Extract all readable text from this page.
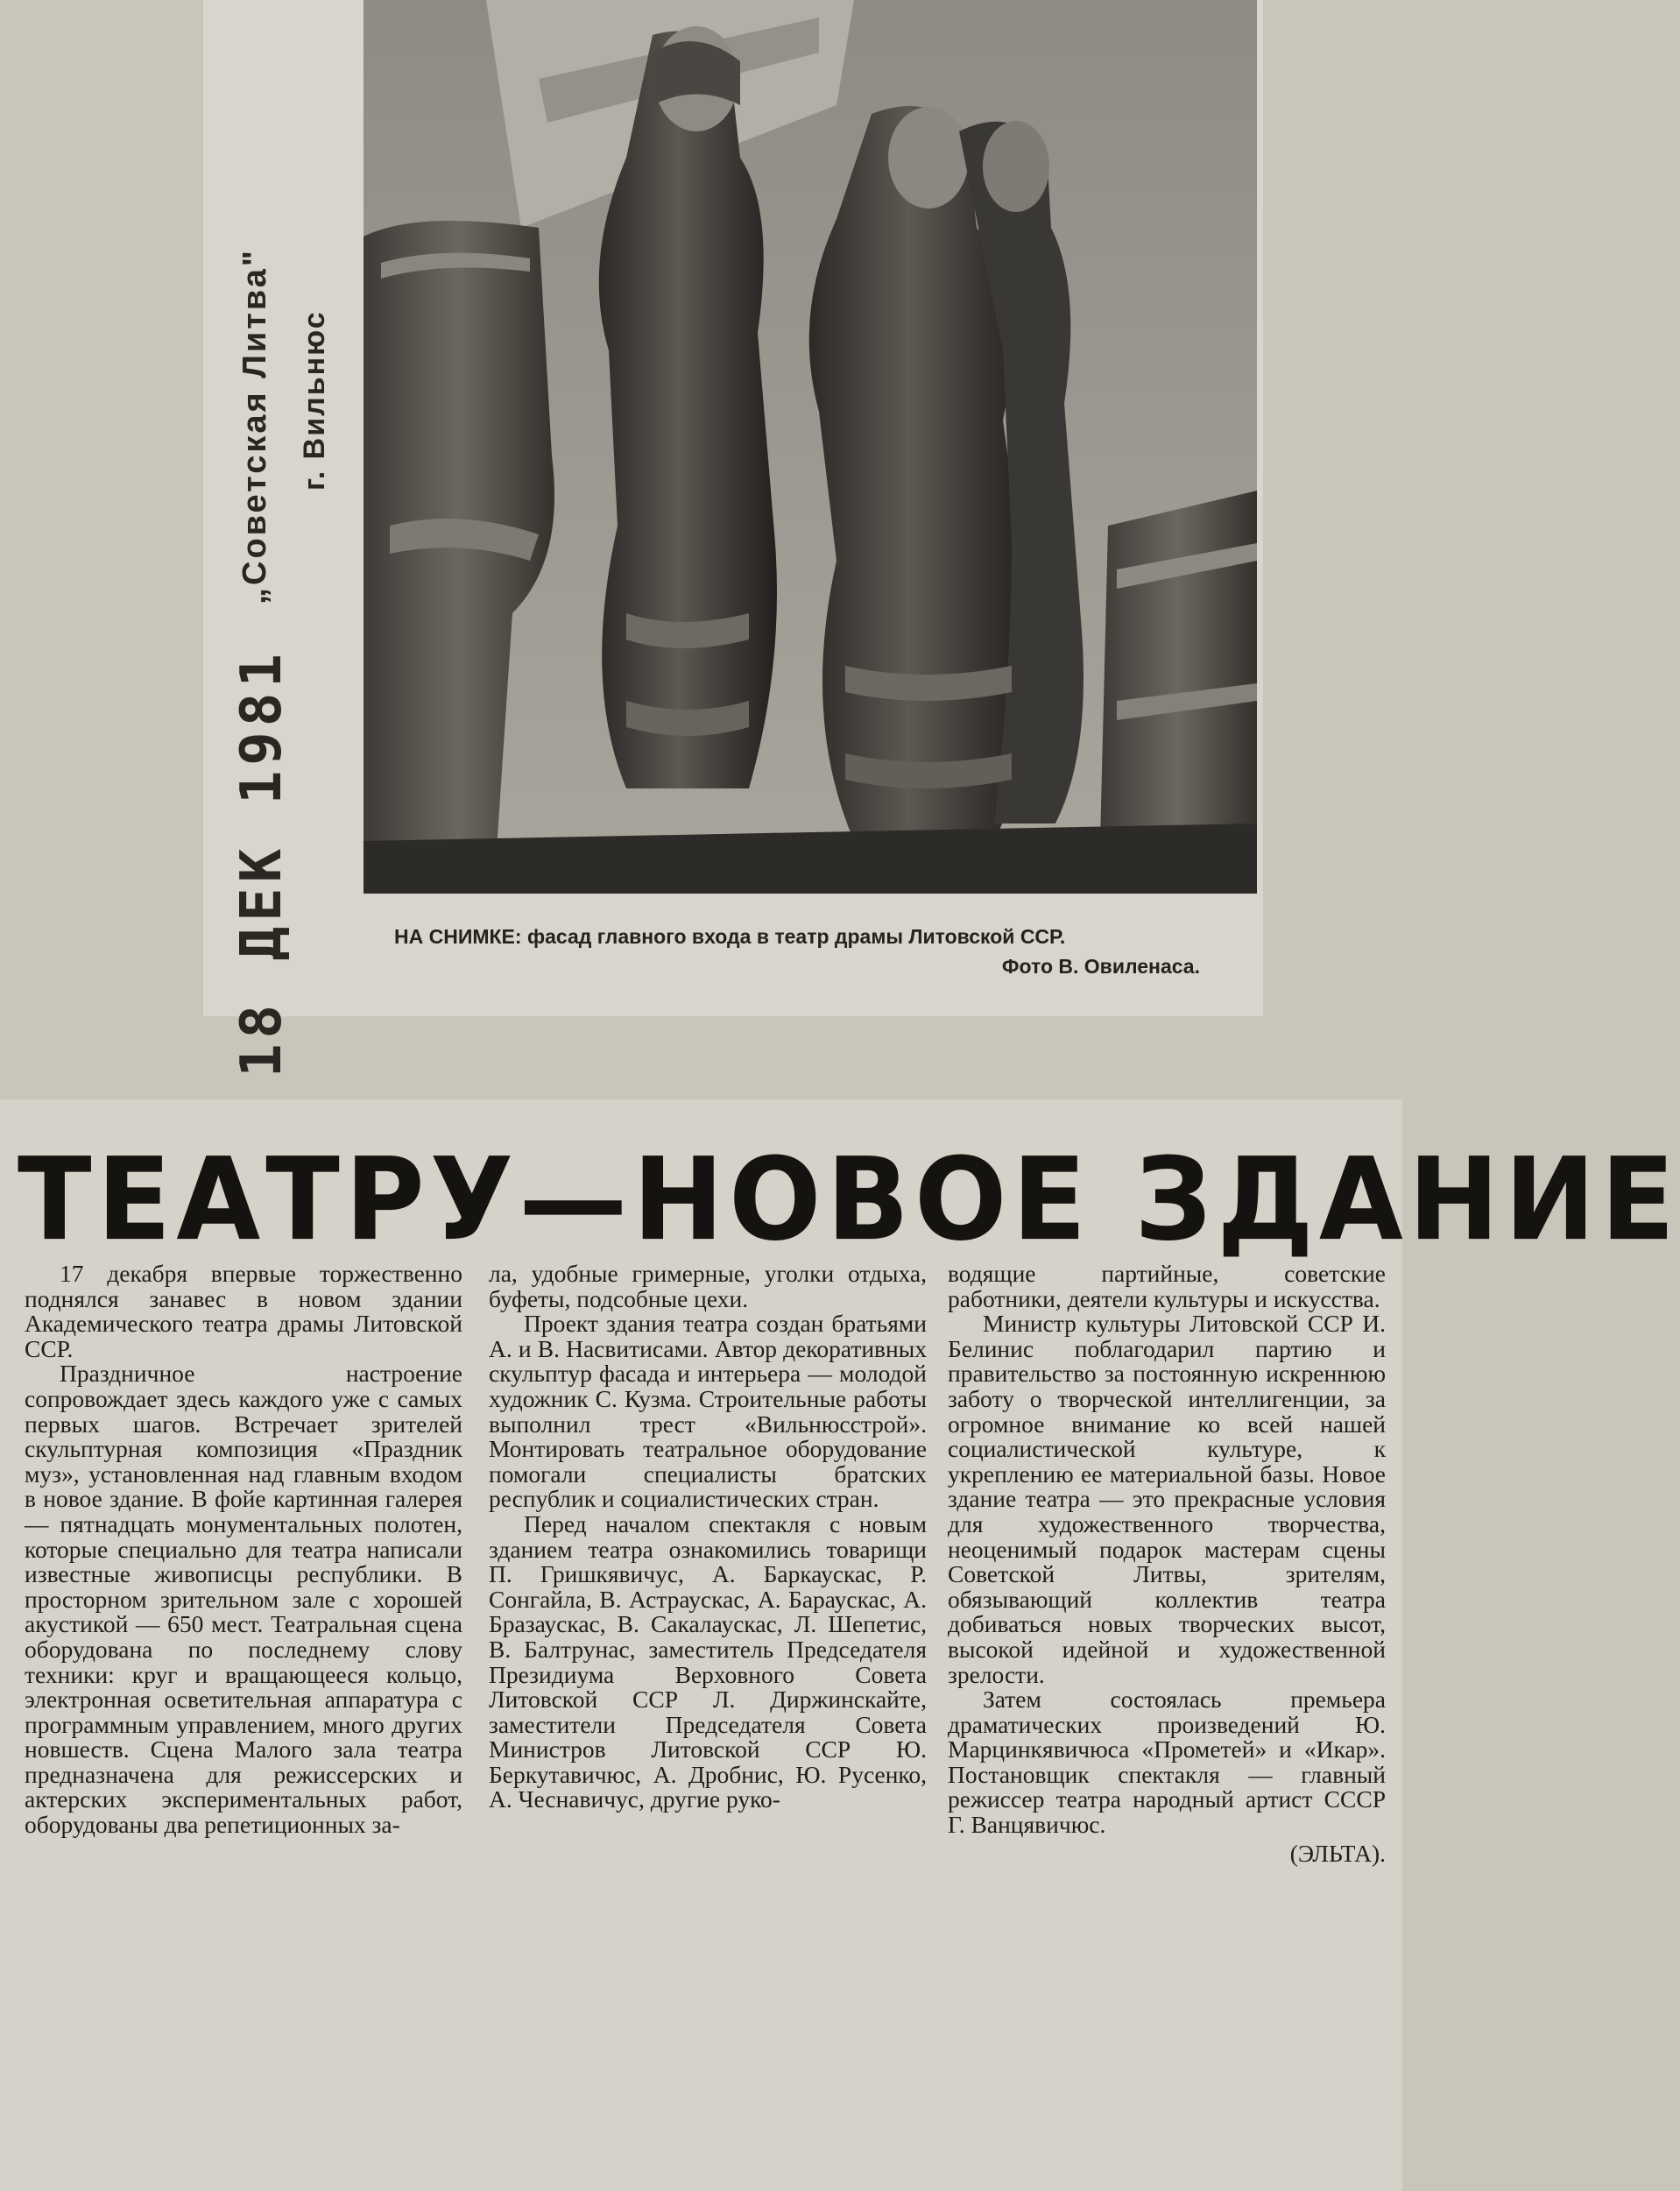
„Советская Литва" г. Вильнюс
18 ДЕК 1981	НА СНИМКЕ: фасад главного входа в театр драмы Литовской ССР.
Фото В. Овиленаса.
ТЕАТРУ—НОВОЕ ЗДАНИЕ

17 декабря впервые торжественно поднялся занавес в новом здании Академического театра драмы Литовской ССР.

Праздничное настроение сопровождает здесь каждого уже с самых первых шагов. Встречает зрителей скульптурная композиция «Праздник муз», установленная над главным входом в новое здание. В фойе картинная галерея — пятнадцать монументальных полотен, которые специально для театра написали известные живописцы республики. В просторном зрительном зале с хорошей акустикой — 650 мест. Театральная сцена оборудована по последнему слову техники: круг и вращающееся кольцо, электронная осветительная аппаратура с программным управлением, много других новшеств. Сцена Малого зала театра предназначена для режиссерских и актерских экспериментальных работ, оборудованы два репетиционных за-

ла, удобные гримерные, уголки отдыха, буфеты, подсобные цехи.

Проект здания театра создан братьями А. и В. Насвитисами. Автор декоративных скульптур фасада и интерьера — молодой художник С. Кузма. Строительные работы выполнил трест «Вильнюсстрой». Монтировать театральное оборудование помогали специалисты братских республик и социалистических стран.

Перед началом спектакля с новым зданием театра ознакомились товарищи П. Гришкявичус, А. Баркаускас, Р. Сонгайла, В. Астраускас, А. Бараускас, А. Бразаускас, В. Сакалаускас, Л. Шепетис, В. Балтрунас, заместитель Председателя Президиума Верховного Совета Литовской ССР Л. Диржинскайте, заместители Председателя Совета Министров Литовской ССР Ю. Беркутавичюс, А. Дробнис, Ю. Русенко, А. Чеснавичус, другие руко-

водящие партийные, советские работники, деятели культуры и искусства.

Министр культуры Литовской ССР И. Белинис поблагодарил партию и правительство за постоянную искреннюю заботу о творческой интеллигенции, за огромное внимание ко всей нашей социалистической культуре, к укреплению ее материальной базы. Новое здание театра — это прекрасные условия для художественного творчества, неоценимый подарок мастерам сцены Советской Литвы, зрителям, обязывающий коллектив театра добиваться новых творческих высот, высокой идейной и художественной зрелости.

Затем состоялась премьера драматических произведений Ю. Марцинкявичюса «Прометей» и «Икар». Постановщик спектакля — главный режиссер театра народный артист СССР Г. Ванцявичюс.

(ЭЛЬТА).
